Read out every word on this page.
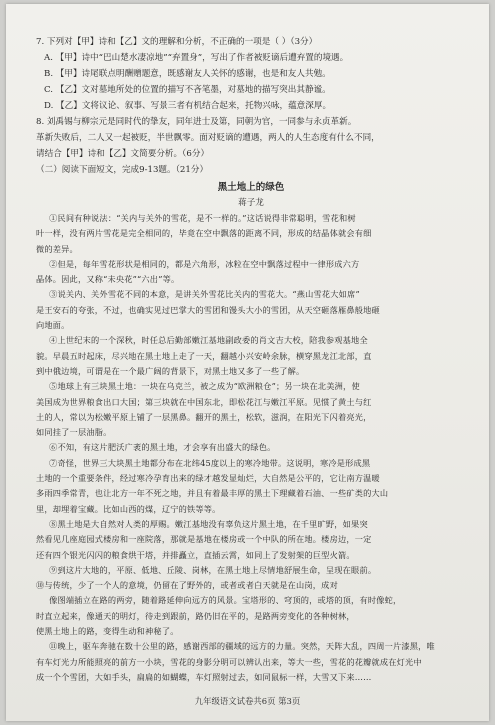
7. 下列对【甲】诗和【乙】文的理解和分析，不正确的一项是（ ）（3分）
A. 【甲】诗中“巴山楚水凄凉地”“弃置身”，写出了作者被贬谪后遭弃置的境遇。
B. 【甲】诗尾联点明酬赠题意，既感谢友人关怀的感谢，也是和友人共勉。
C. 【乙】文对墓地所处的位置的描写不吝笔墨，对墓地的描写突出其静谧。
D. 【乙】文将议论、叙事、写景三者有机结合起来，托物兴咏，蕴意深厚。
8. 刘禹锡与柳宗元是同时代的挚友，同年进士及第，同朝为官，一同参与永贞革新。
革新失败后，二人又一起被贬，半世飘零。面对贬谪的遭遇，两人的人生态度有什么不同，
请结合【甲】诗和【乙】文简要分析。（6分）
（二）阅读下面短文，完成9-13题。（21分）
黑土地上的绿色
蒋子龙
①民间有种说法：“关内与关外的雪花，是不一样的。”这话说得非常聪明，雪花和树
叶一样，没有两片雪花是完全相同的，毕竟在空中飘落的距离不同，形成的结晶体就会有细
微的差异。
②但是，每年雪花形状是相同的，都是六角形，冰粒在空中飘落过程中一律形成六方
晶体。因此，又称“未央花”“六出”等。
③说关内、关外雪花不同的本意，是讲关外雪花比关内的雪花大。“燕山雪花大如席”
是王安石的夸张，不过，也确实见过巴掌大的雪团和馒头大小的雪团，从天空砸落雁鼻般地砸
向地面。
④上世纪末的一个深秋，时任总后勤部嫩江基地副政委的肖文吉大校，陪我参观基地全
貌。早晨五时起床，尽兴地在黑土地上走了一天，翻越小兴安岭余脉，横穿黑龙江北部，直
到中俄边境，可谓是在一个最广阔的背景下，对黑土地又多了一些了解。
⑤地球上有三块黑土地：一块在乌克兰，被之成为“欧洲粮仓”；另一块在北美洲，使
美国成为世界粮食出口大国；第三块就在中国东北，即松花江与嫩江平原。见惯了黄土与红
土的人，常以为松嫩平原上铺了一层黑鼻。翻开的黑土，松软，滋润，在阳光下闪着亮光，
如同挂了一层油脂。
⑥不知，有这片肥沃广袤的黑土地，才会享有出盛大的绿色。
⑦奇怪，世界三大块黑土地都分布在北纬45度以上的寒冷地带。这说明，寒冷是形成黑
土地的一个重要条件，经过寒冷孕育出来的绿才越发显灿烂，大自然是公平的，它让南方温暖
多雨四季常青，也让北方一年不死之地，并且有着最丰厚的黑土下理藏着石油、一些矿类的大山
里，却埋着宝藏。比如山西的煤，辽宁的铁等等。
⑧黑土地是大自然对人类的厚赐。嫩江基地没有辜负这片黑土地，在千里旷野，如果突
然看见几座庭园式楼房和一座院落，那就是基地在楼房或一个中队的所在地。楼房边，一定
还有四个银光闪闪的粮食烘干塔，并排矗立，直插云霄，如同上了发射架的巨型火箭。
⑨到这片大地的，平原、低地、丘陵、岗林，在黑土地上尽情地舒展生命，呈现在眼前。
⑩与传统，少了一个人的意境，仍留在了野外的，或者或者白天就是在山岗，成对
像图端插立在路的两旁，随着路延伸向远方的风景。宝塔形的、穹顶的，或塔的顶，有时像蛇，
时直立起来，像通天的明灯，待走到跟前，路仍旧在平的，是路两旁变化的各种树林，
使黑土地上的路，变得生动和神秘了。
⑪晚上，驱车奔驰在数十公里的路，感谢西部的疆域的远方的力量。突然，天阵大乱，四周一片漆黑，唯
有车灯光力所能照亮的前方一小块，雪花的身影分明可以辨认出来，等大一些，雪花的花瓣就成在灯光中
成一个个雪团，大如手头，扁扁的如蝴蝶，车灯照射过去，如同鼠标一样，大雪又下来……
九年级语文试卷共6页 第3页
